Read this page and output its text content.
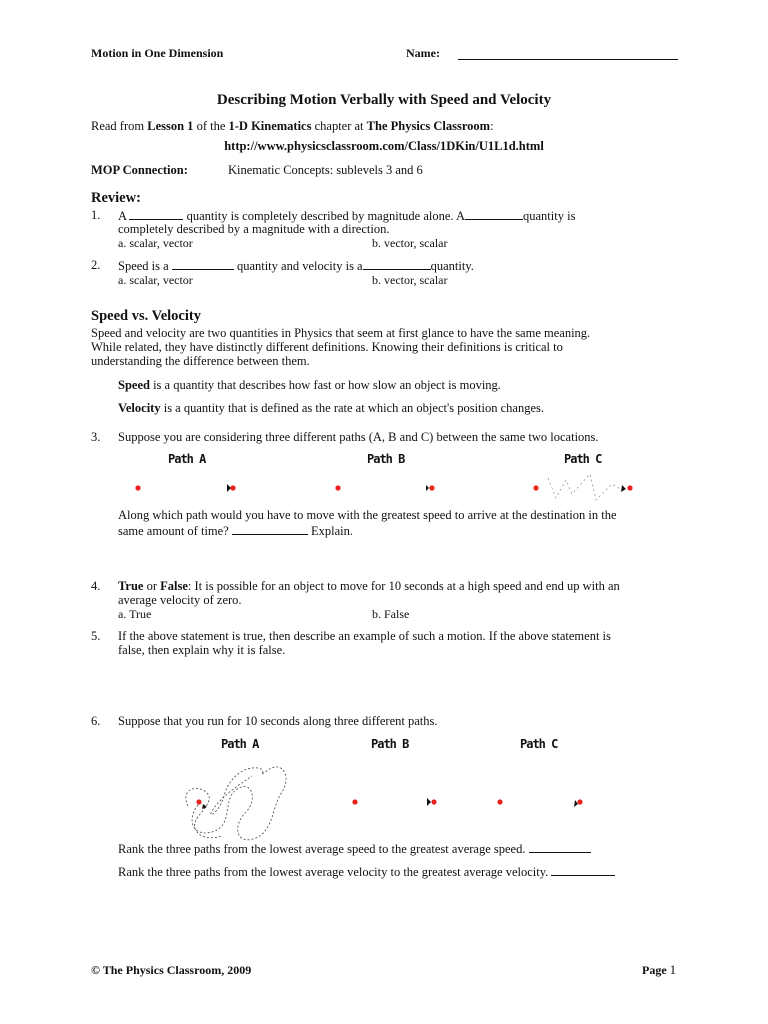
Motion in One Dimension	Name:
Describing Motion Verbally with Speed and Velocity
Read from Lesson 1 of the 1-D Kinematics chapter at The Physics Classroom:
http://www.physicsclassroom.com/Class/1DKin/U1L1d.html
MOP Connection:	Kinematic Concepts: sublevels 3 and 6
Review:
1. A	quantity is completely described by magnitude alone. A	quantity is
completely described by a magnitude with a direction.
a. scalar, vector	b. vector, scalar
2. Speed is a	quantity and velocity is a	quantity.
a. scalar, vector	b. vector, scalar
Speed vs. Velocity
Speed and velocity are two quantities in Physics that seem at first glance to have the same meaning.
While related, they have distinctly different definitions. Knowing their definitions is critical to
understanding the difference between them.
Speed is a quantity that describes how fast or how slow an object is moving.
Velocity is a quantity that is defined as the rate at which an object's position changes.
3. Suppose you are considering three different paths (A, B and C) between the same two locations.
Path A	Path B	Path C
Along which path would you have to move with the greatest speed to arrive at the destination in the
same amount of time?	Explain.
4. True or False: It is possible for an object to move for 10 seconds at a high speed and end up with an
average velocity of zero.
a. True	b. False
5. If the above statement is true, then describe an example of such a motion. If the above statement is
false, then explain why it is false.
6. Suppose that you run for 10 seconds along three different paths.
Path A	Path B	Path C
Rank the three paths from the lowest average speed to the greatest average speed.
Rank the three paths from the lowest average velocity to the greatest average velocity.
© The Physics Classroom, 2009	Page 1
